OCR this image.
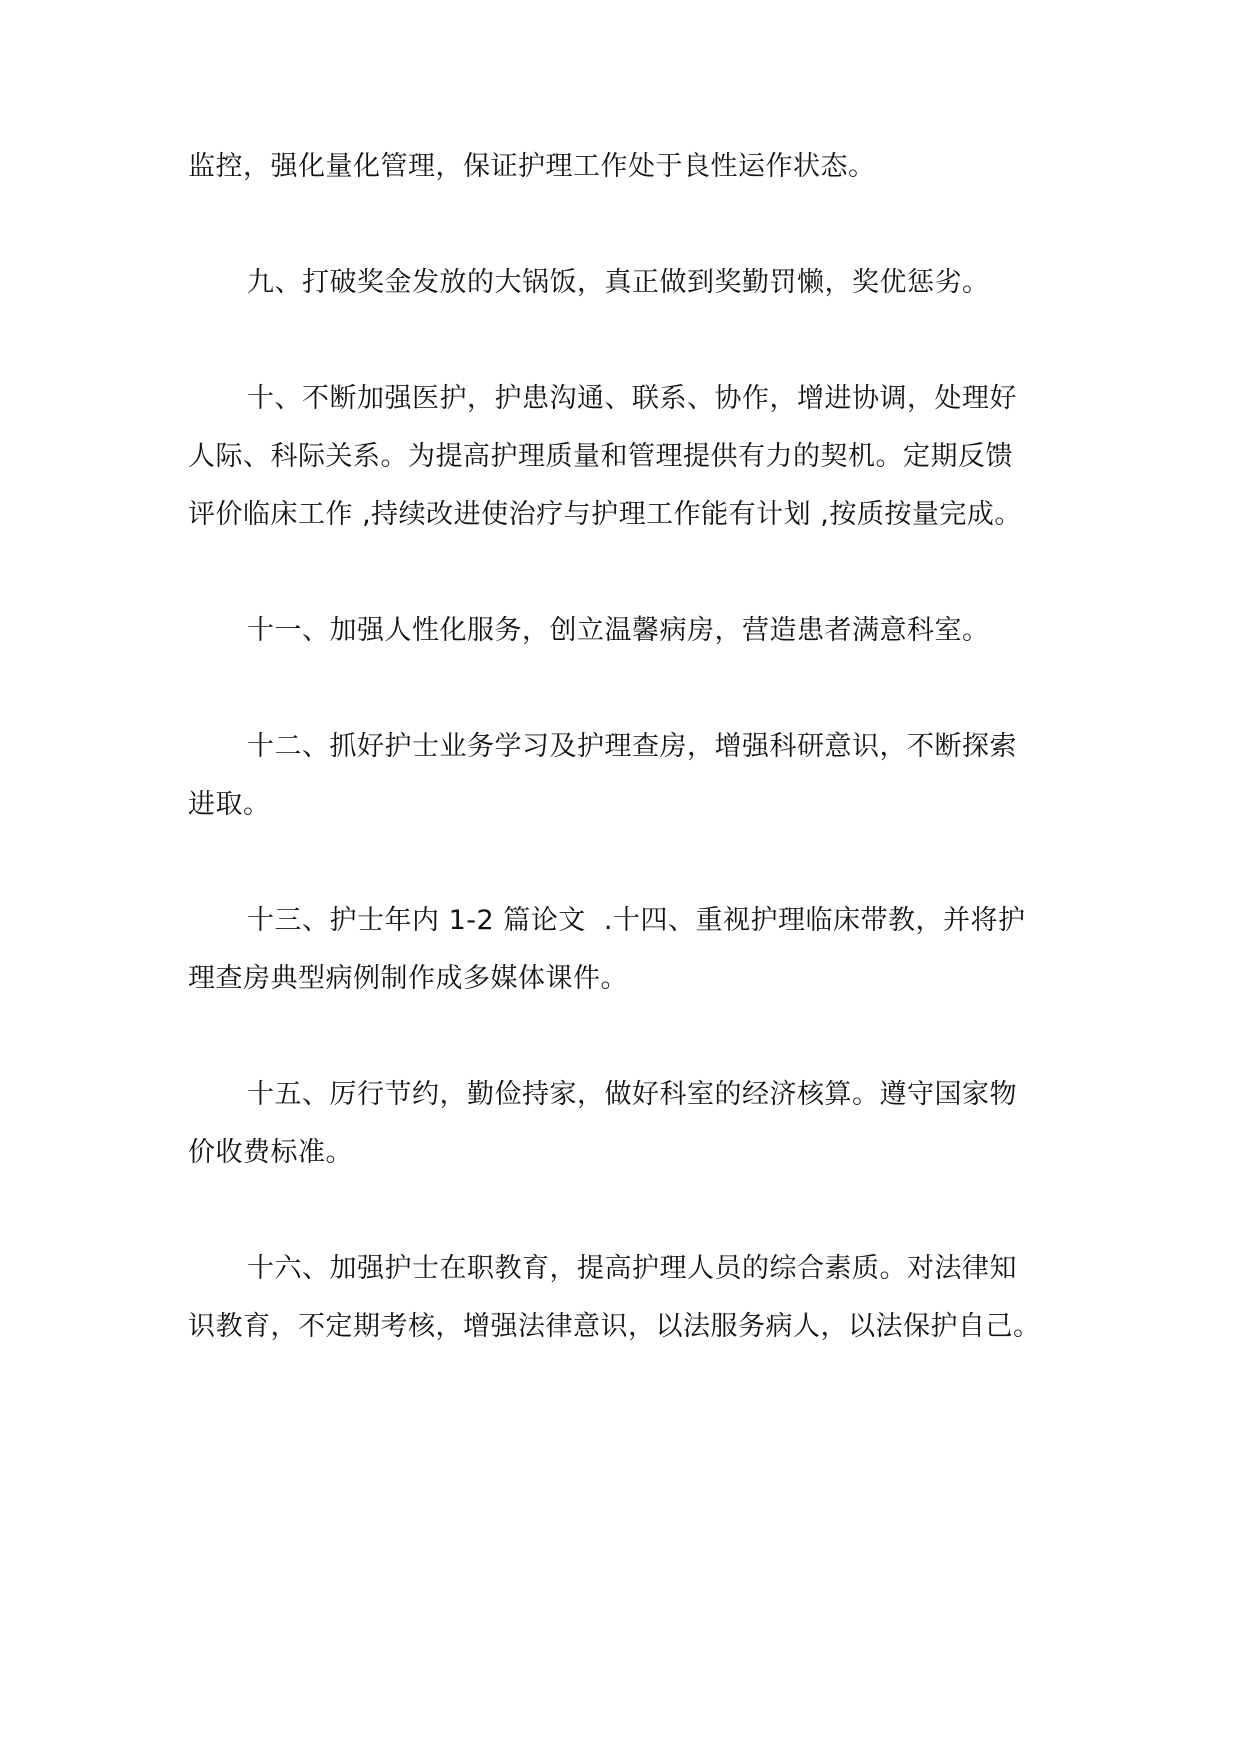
监控，强化量化管理，保证护理工作处于良性运作状态。
九、打破奖金发放的大锅饭，真正做到奖勤罚懒，奖优惩劣。
十、不断加强医护，护患沟通、联系、协作，增进协调，处理好
人际、科际关系。为提高护理质量和管理提供有力的契机。定期反馈
评价临床工作 ,持续改进使治疗与护理工作能有计划 ,按质按量完成。
十一、加强人性化服务，创立温馨病房，营造患者满意科室。
十二、抓好护士业务学习及护理查房，增强科研意识，不断探索
进取。
十三、护士年内 1-2 篇论文  .十四、重视护理临床带教，并将护
理查房典型病例制作成多媒体课件。
十五、厉行节约，勤俭持家，做好科室的经济核算。遵守国家物
价收费标准。
十六、加强护士在职教育，提高护理人员的综合素质。对法律知
识教育，不定期考核，增强法律意识，以法服务病人，以法保护自己。
